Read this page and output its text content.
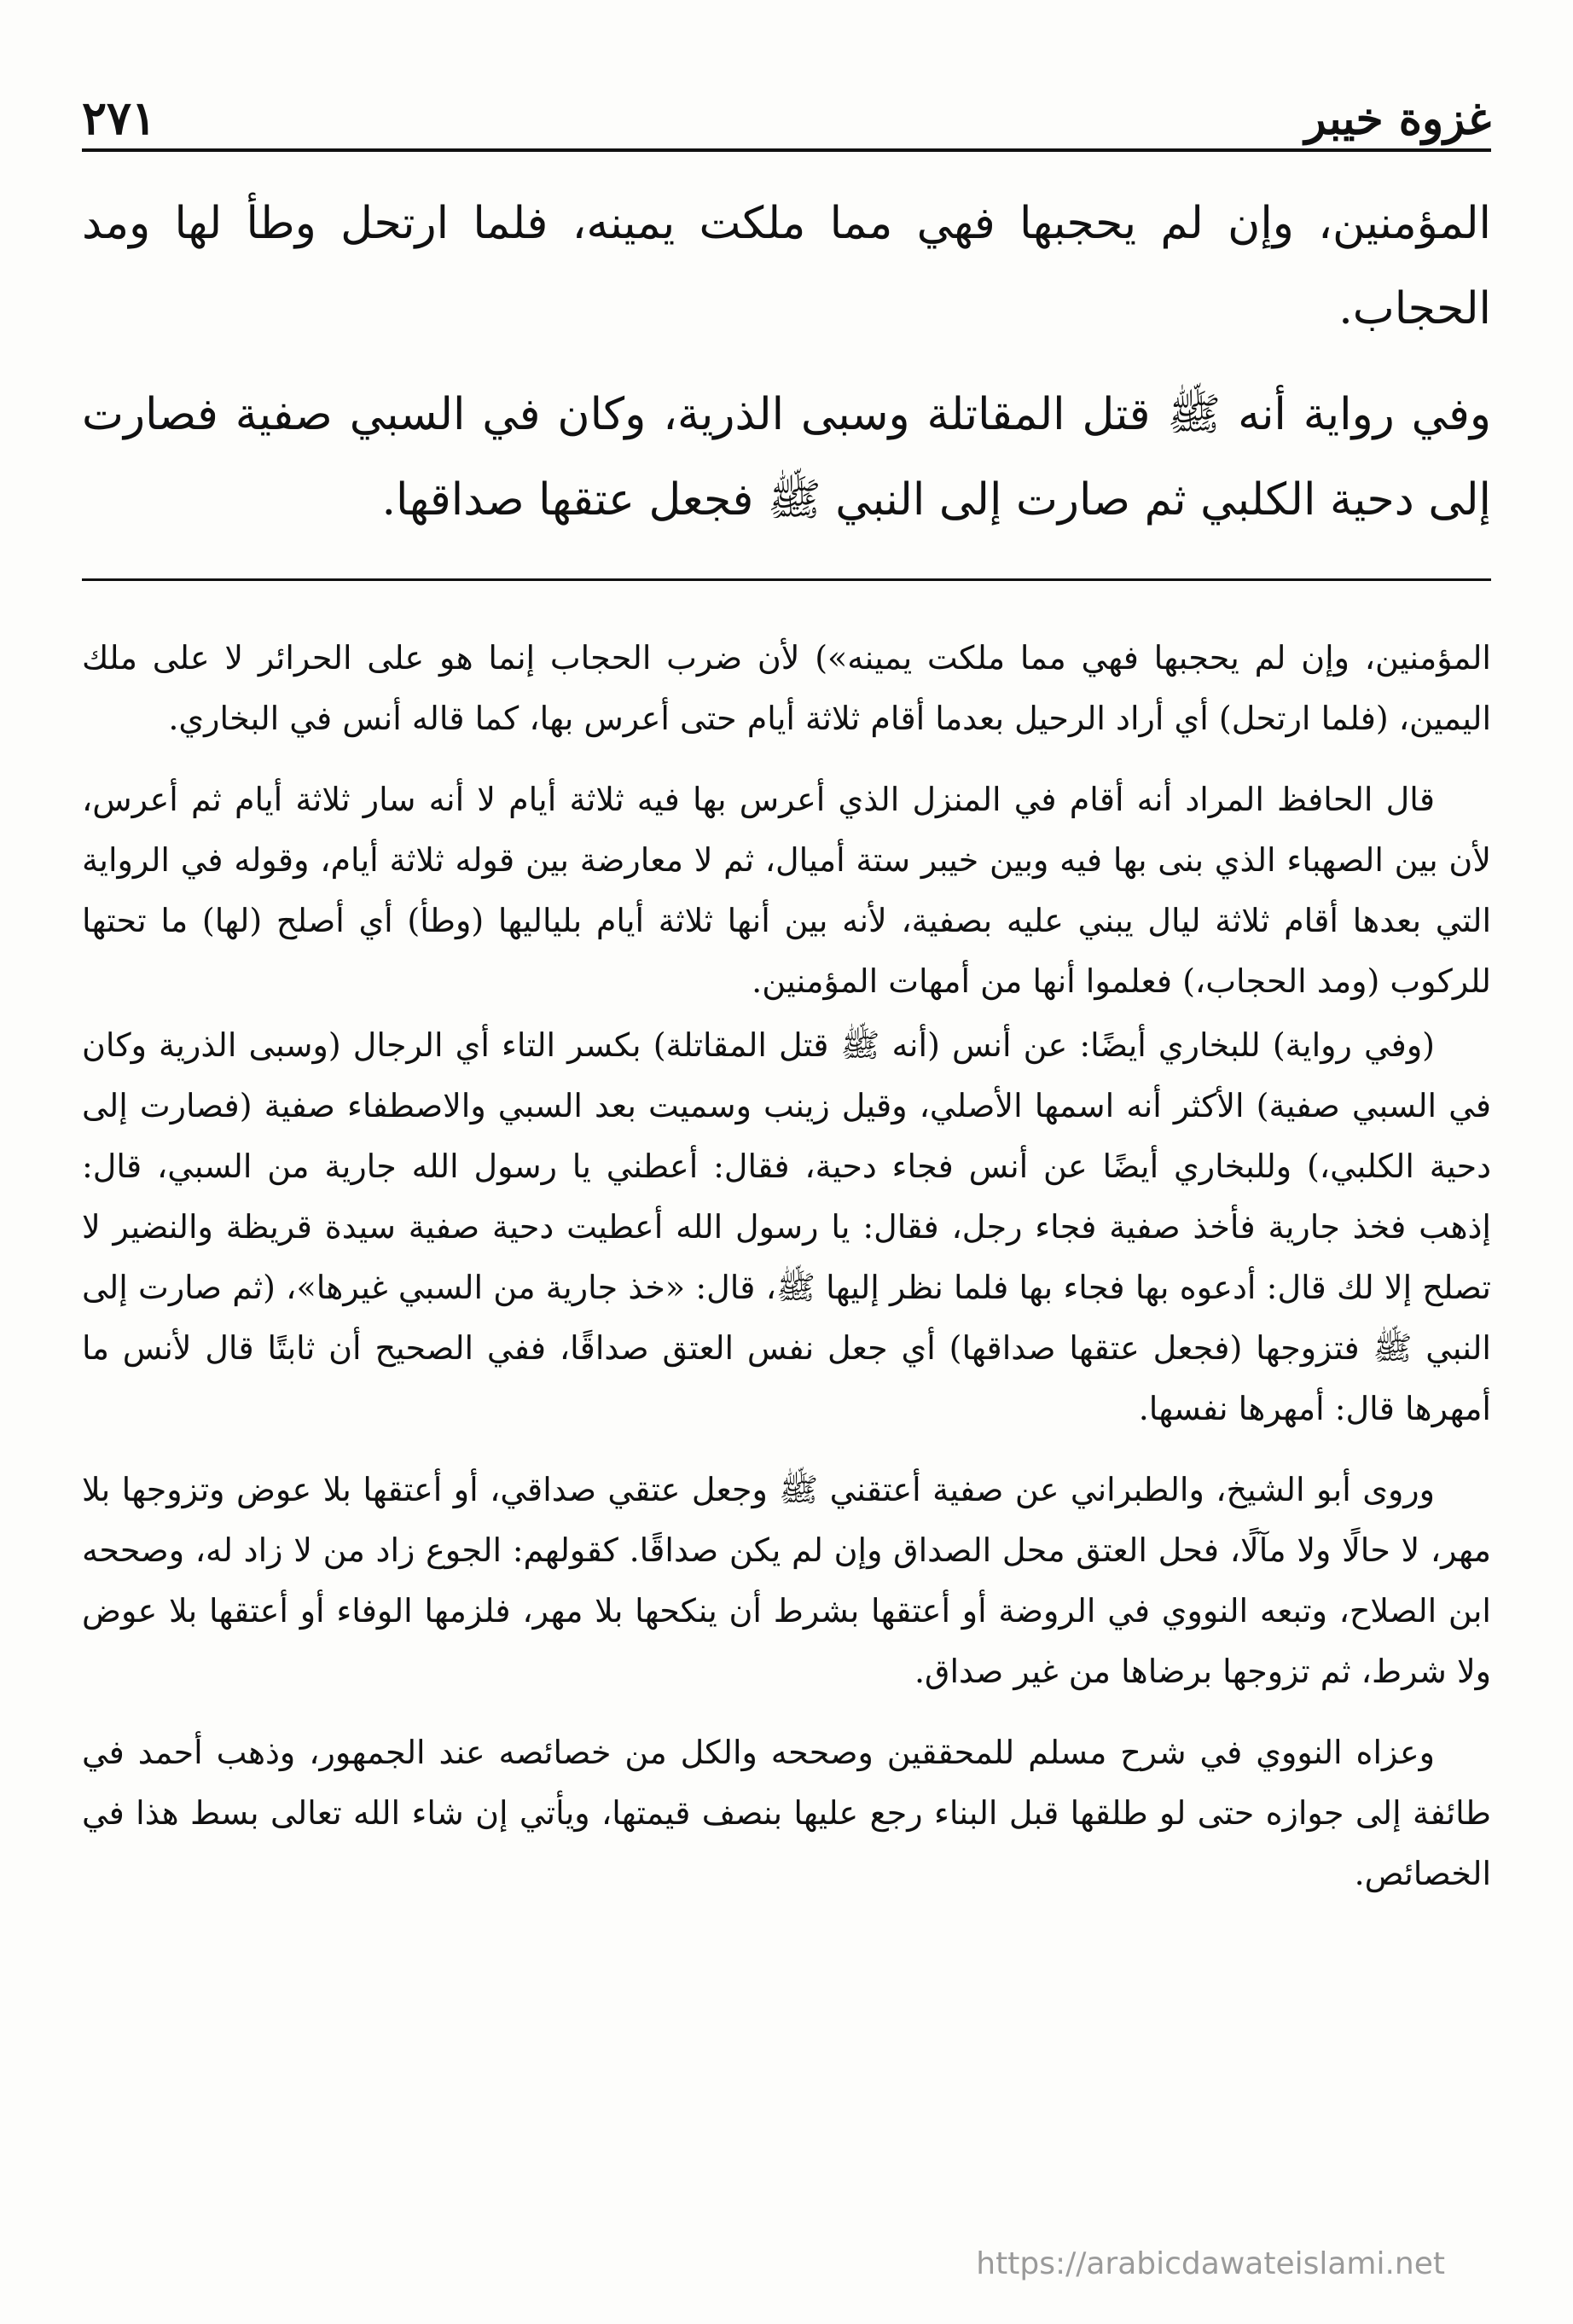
غزوة خيبر
٢٧١

المؤمنين، وإن لم يحجبها فهي مما ملكت يمينه، فلما ارتحل وطأ لها ومد الحجاب.

وفي رواية أنه ﷺ قتل المقاتلة وسبى الذرية، وكان في السبي صفية فصارت إلى دحية الكلبي ثم صارت إلى النبي ﷺ فجعل عتقها صداقها.

المؤمنين، وإن لم يحجبها فهي مما ملكت يمينه») لأن ضرب الحجاب إنما هو على الحرائر لا على ملك اليمين، (فلما ارتحل) أي أراد الرحيل بعدما أقام ثلاثة أيام حتى أعرس بها، كما قاله أنس في البخاري.

قال الحافظ المراد أنه أقام في المنزل الذي أعرس بها فيه ثلاثة أيام لا أنه سار ثلاثة أيام ثم أعرس، لأن بين الصهباء الذي بنى بها فيه وبين خيبر ستة أميال، ثم لا معارضة بين قوله ثلاثة أيام، وقوله في الرواية التي بعدها أقام ثلاثة ليال يبني عليه بصفية، لأنه بين أنها ثلاثة أيام بلياليها (وطأ) أي أصلح (لها) ما تحتها للركوب (ومد الحجاب،) فعلموا أنها من أمهات المؤمنين.

(وفي رواية) للبخاري أيضًا: عن أنس (أنه ﷺ قتل المقاتلة) بكسر التاء أي الرجال (وسبى الذرية وكان في السبي صفية) الأكثر أنه اسمها الأصلي، وقيل زينب وسميت بعد السبي والاصطفاء صفية (فصارت إلى دحية الكلبي،) وللبخاري أيضًا عن أنس فجاء دحية، فقال: أعطني يا رسول الله جارية من السبي، قال: إذهب فخذ جارية فأخذ صفية فجاء رجل، فقال: يا رسول الله أعطيت دحية صفية سيدة قريظة والنضير لا تصلح إلا لك قال: أدعوه بها فجاء بها فلما نظر إليها ﷺ، قال: «خذ جارية من السبي غيرها»، (ثم صارت إلى النبي ﷺ فتزوجها (فجعل عتقها صداقها) أي جعل نفس العتق صداقًا، ففي الصحيح أن ثابتًا قال لأنس ما أمهرها قال: أمهرها نفسها.

وروى أبو الشيخ، والطبراني عن صفية أعتقني ﷺ وجعل عتقي صداقي، أو أعتقها بلا عوض وتزوجها بلا مهر، لا حالًا ولا مآلًا، فحل العتق محل الصداق وإن لم يكن صداقًا. كقولهم: الجوع زاد من لا زاد له، وصححه ابن الصلاح، وتبعه النووي في الروضة أو أعتقها بشرط أن ينكحها بلا مهر، فلزمها الوفاء أو أعتقها بلا عوض ولا شرط، ثم تزوجها برضاها من غير صداق.

وعزاه النووي في شرح مسلم للمحققين وصححه والكل من خصائصه عند الجمهور، وذهب أحمد في طائفة إلى جوازه حتى لو طلقها قبل البناء رجع عليها بنصف قيمتها، ويأتي إن شاء الله تعالى بسط هذا في الخصائص.

https://arabicdawateislami.net
